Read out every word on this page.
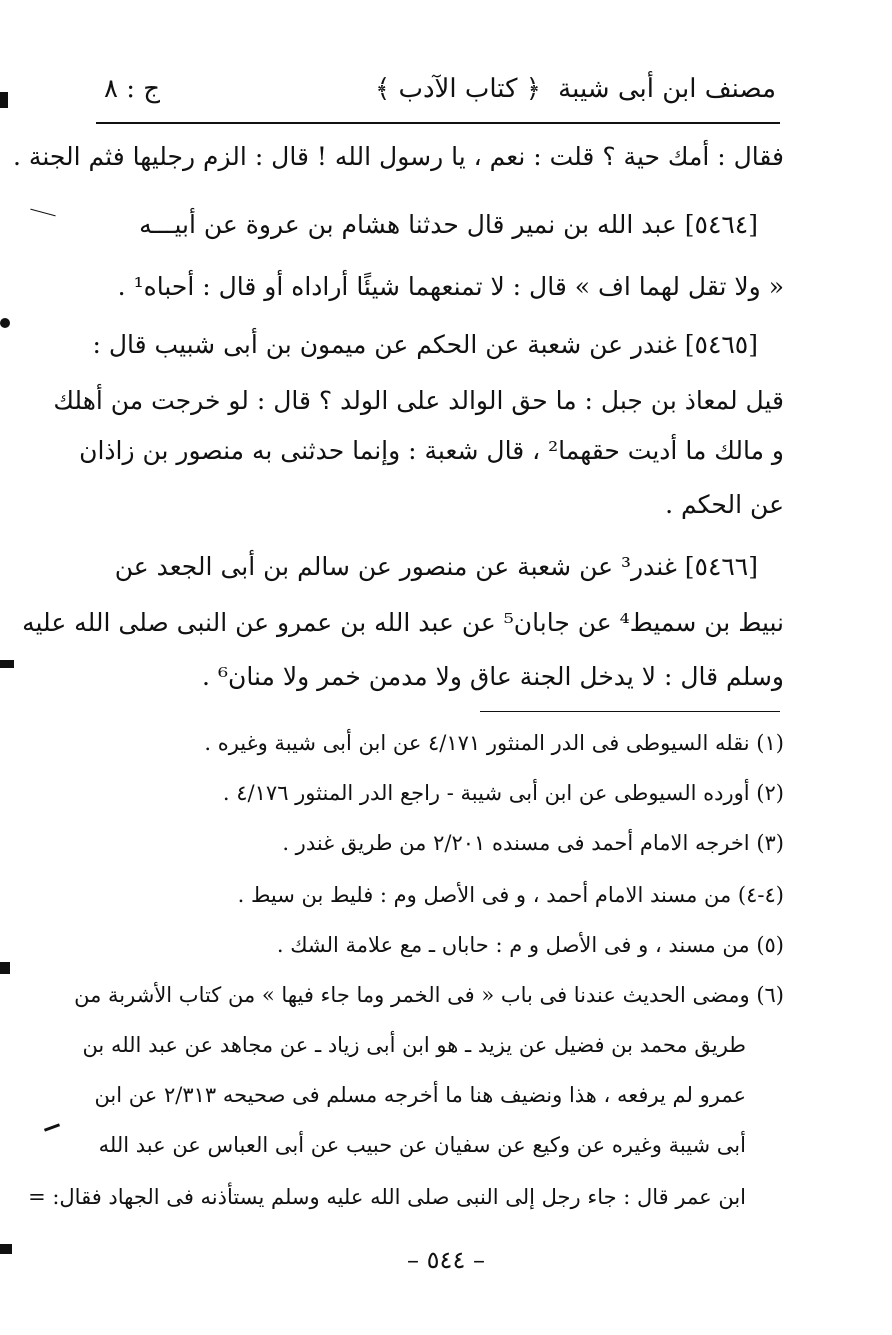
مصنف ابن أبى شيبة
﴿ كتاب الآدب ﴾
ج : ٨
فقال : أمك حية ؟ قلت : نعم ، يا رسول الله ! قال : الزم رجليها فثم الجنة .
[٥٤٦٤] عبد الله بن نمير قال حدثنا هشام بن عروة عن أبيـــه
« ولا تقل لهما اف » قال : لا تمنعهما شيئًا أراداه أو قال : أحباه¹ .
[٥٤٦٥] غندر عن شعبة عن الحكم عن ميمون بن أبى شبيب قال :
قيل لمعاذ بن جبل : ما حق الوالد على الولد ؟ قال : لو خرجت من أهلك
و مالك ما أديت حقهما² ، قال شعبة : وإنما حدثنى به منصور بن زاذان
عن الحكم .
[٥٤٦٦] غندر³ عن شعبة عن منصور عن سالم بن أبى الجعد عن
نبيط بن سميط⁴ عن جابان⁵ عن عبد الله بن عمرو عن النبى صلى الله عليه
وسلم قال : لا يدخل الجنة عاق ولا مدمن خمر ولا منان⁶ .
(١) نقله السيوطى فى الدر المنثور ٤/١٧١ عن ابن أبى شيبة وغيره .
(٢) أورده السيوطى عن ابن أبى شيبة - راجع الدر المنثور ٤/١٧٦ .
(٣) اخرجه الامام أحمد فى مسنده ٢/٢٠١ من طريق غندر .
(٤-٤) من مسند الامام أحمد ، و فى الأصل وم : فليط بن سيط .
(٥) من مسند ، و فى الأصل و م : حاباں ـ مع علامة الشك .
(٦) ومضى الحديث عندنا فى باب « فى الخمر وما جاء فيها » من كتاب الأشربة من
طريق محمد بن فضيل عن يزيد ـ هو ابن أبى زياد ـ عن مجاهد عن عبد الله بن
عمرو لم يرفعه ، هذا ونضيف هنا ما أخرجه مسلم فى صحيحه ٢/٣١٣ عن ابن
أبى شيبة وغيره عن وكيع عن سفيان عن حبيب عن أبى العباس عن عبد الله
ابن عمر قال : جاء رجل إلى النبى صلى الله عليه وسلم يستأذنه فى الجهاد فقال: =
– ٥٤٤ –
